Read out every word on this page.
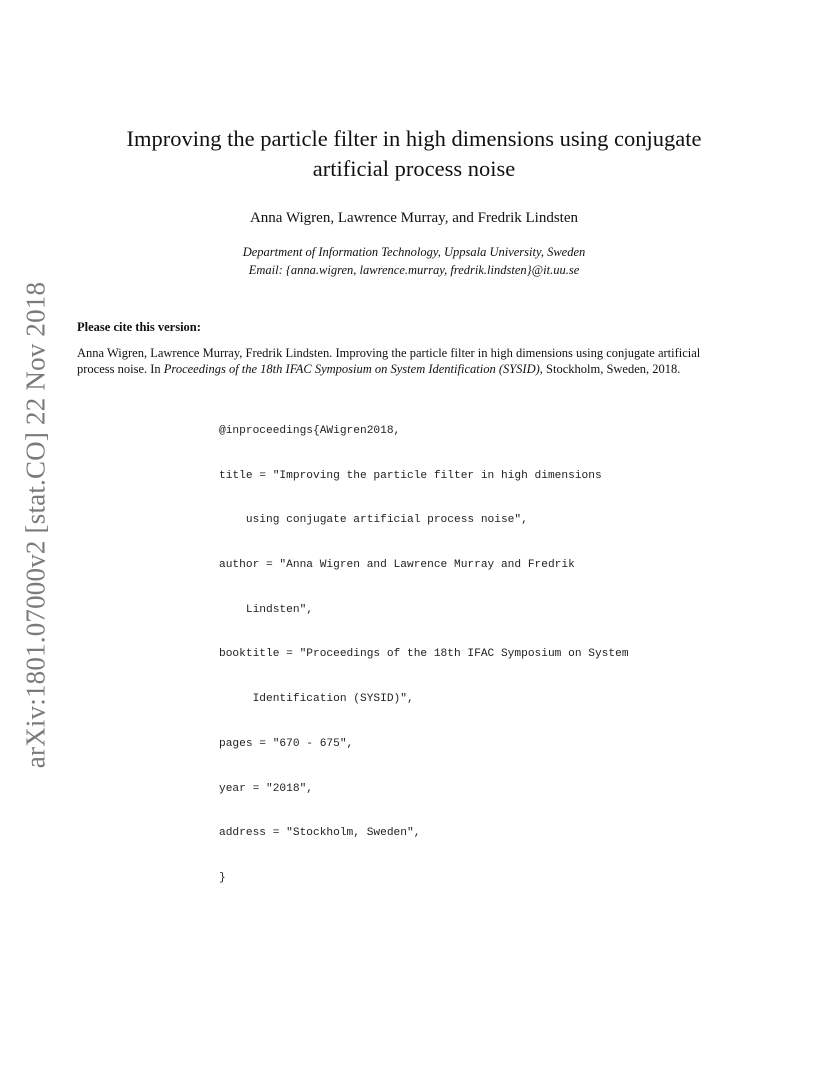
arXiv:1801.07000v2 [stat.CO] 22 Nov 2018
Improving the particle filter in high dimensions using conjugate
artificial process noise
Anna Wigren, Lawrence Murray, and Fredrik Lindsten
Department of Information Technology, Uppsala University, Sweden
Email: {anna.wigren, lawrence.murray, fredrik.lindsten}@it.uu.se
Please cite this version:
Anna Wigren, Lawrence Murray, Fredrik Lindsten. Improving the particle filter in high dimensions using conjugate artificial
process noise. In Proceedings of the 18th IFAC Symposium on System Identification (SYSID), Stockholm, Sweden, 2018.

@inproceedings{AWigren2018,

title = "Improving the particle filter in high dimensions

using conjugate artificial process noise",

author = "Anna Wigren and Lawrence Murray and Fredrik

Lindsten",

booktitle = "Proceedings of the 18th IFAC Symposium on System

Identification (SYSID)",

pages = "670 - 675",

year = "2018",

address = "Stockholm, Sweden",

}
